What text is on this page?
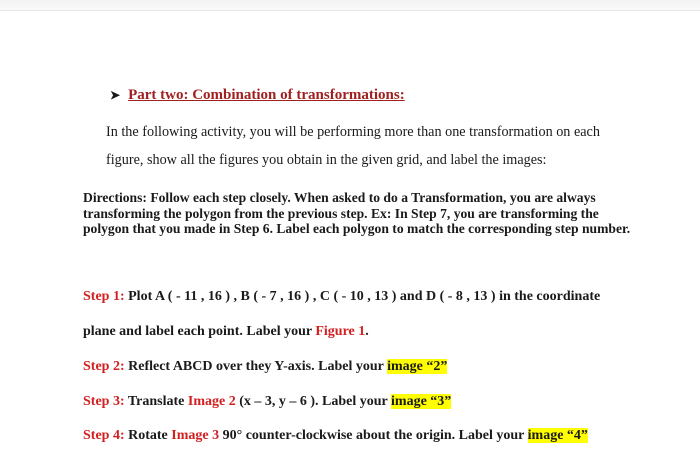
➤ Part two: Combination of transformations:
In the following activity, you will be performing more than one transformation on each
figure, show all the figures you obtain in the given grid, and label the images:
Directions: Follow each step closely. When asked to do a Transformation, you are always transforming the polygon from the previous step. Ex: In Step 7, you are transforming the polygon that you made in Step 6. Label each polygon to match the corresponding step number.
Step 1: Plot A ( - 11 , 16 ) , B ( - 7 , 16 ) , C ( - 10 , 13 ) and D ( - 8 , 13 ) in the coordinate
plane and label each point. Label your Figure 1.
Step 2: Reflect ABCD over they Y-axis. Label your image “2”
Step 3: Translate Image 2 (x – 3, y – 6 ). Label your image “3”
Step 4: Rotate Image 3 90° counter-clockwise about the origin. Label your image “4”
